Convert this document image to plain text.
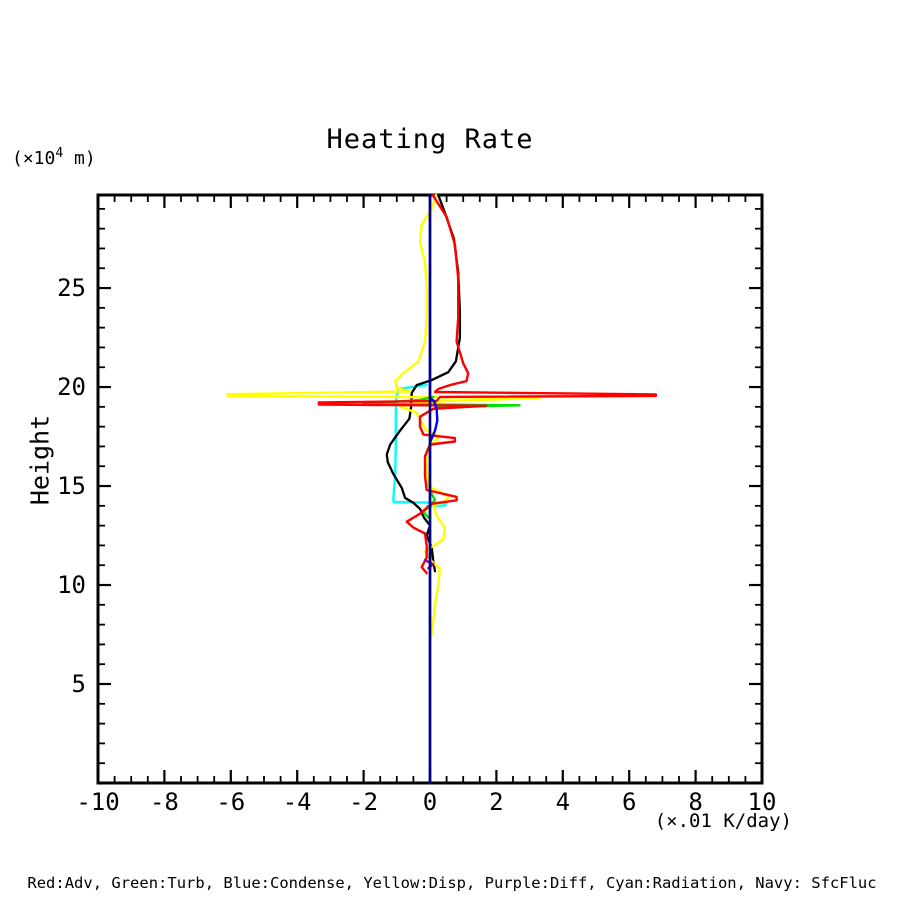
-10 -8 -6 -4 -2 0 2 4 6 8 10
5
10
15
20
25
Heating Rate
($\times 10^4$ m)
Height
(×.01 K/day)
Red:Adv, Green:Turb, Blue:Condense, Yellow:Disp, Purple:Diff, Cyan:Radiation, Navy: SfcFluc
